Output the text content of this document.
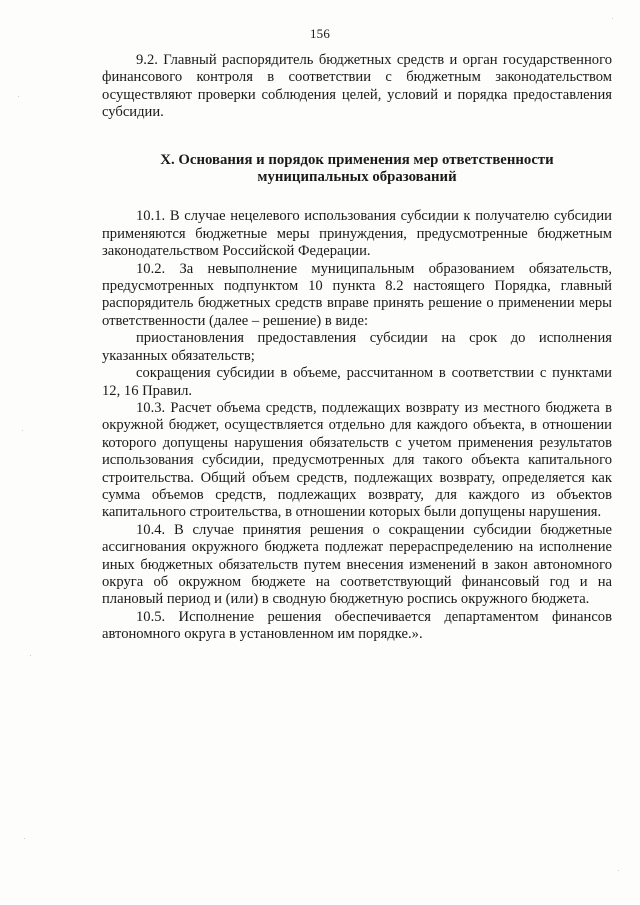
156

9.2. Главный распорядитель бюджетных средств и орган государственного финансового контроля в соответствии с бюджетным законодательством осуществляют проверки соблюдения целей, условий и порядка предоставления субсидии.

X. Основания и порядок применения мер ответственности
муниципальных образований

10.1. В случае нецелевого использования субсидии к получателю субсидии применяются бюджетные меры принуждения, предусмотренные бюджетным законодательством Российской Федерации.

10.2. За невыполнение муниципальным образованием обязательств, предусмотренных подпунктом 10 пункта 8.2 настоящего Порядка, главный распорядитель бюджетных средств вправе принять решение о применении меры ответственности (далее – решение) в виде:

приостановления предоставления субсидии на срок до исполнения указанных обязательств;

сокращения субсидии в объеме, рассчитанном в соответствии с пунктами 12, 16 Правил.

10.3. Расчет объема средств, подлежащих возврату из местного бюджета в окружной бюджет, осуществляется отдельно для каждого объекта, в отношении которого допущены нарушения обязательств с учетом применения результатов использования субсидии, предусмотренных для такого объекта капитального строительства. Общий объем средств, подлежащих возврату, определяется как сумма объемов средств, подлежащих возврату, для каждого из объектов капитального строительства, в отношении которых были допущены нарушения.

10.4. В случае принятия решения о сокращении субсидии бюджетные ассигнования окружного бюджета подлежат перераспределению на исполнение иных бюджетных обязательств путем внесения изменений в закон автономного округа об окружном бюджете на соответствующий финансовый год и на плановый период и (или) в сводную бюджетную роспись окружного бюджета.

10.5. Исполнение решения обеспечивается департаментом финансов автономного округа в установленном им порядке.».
